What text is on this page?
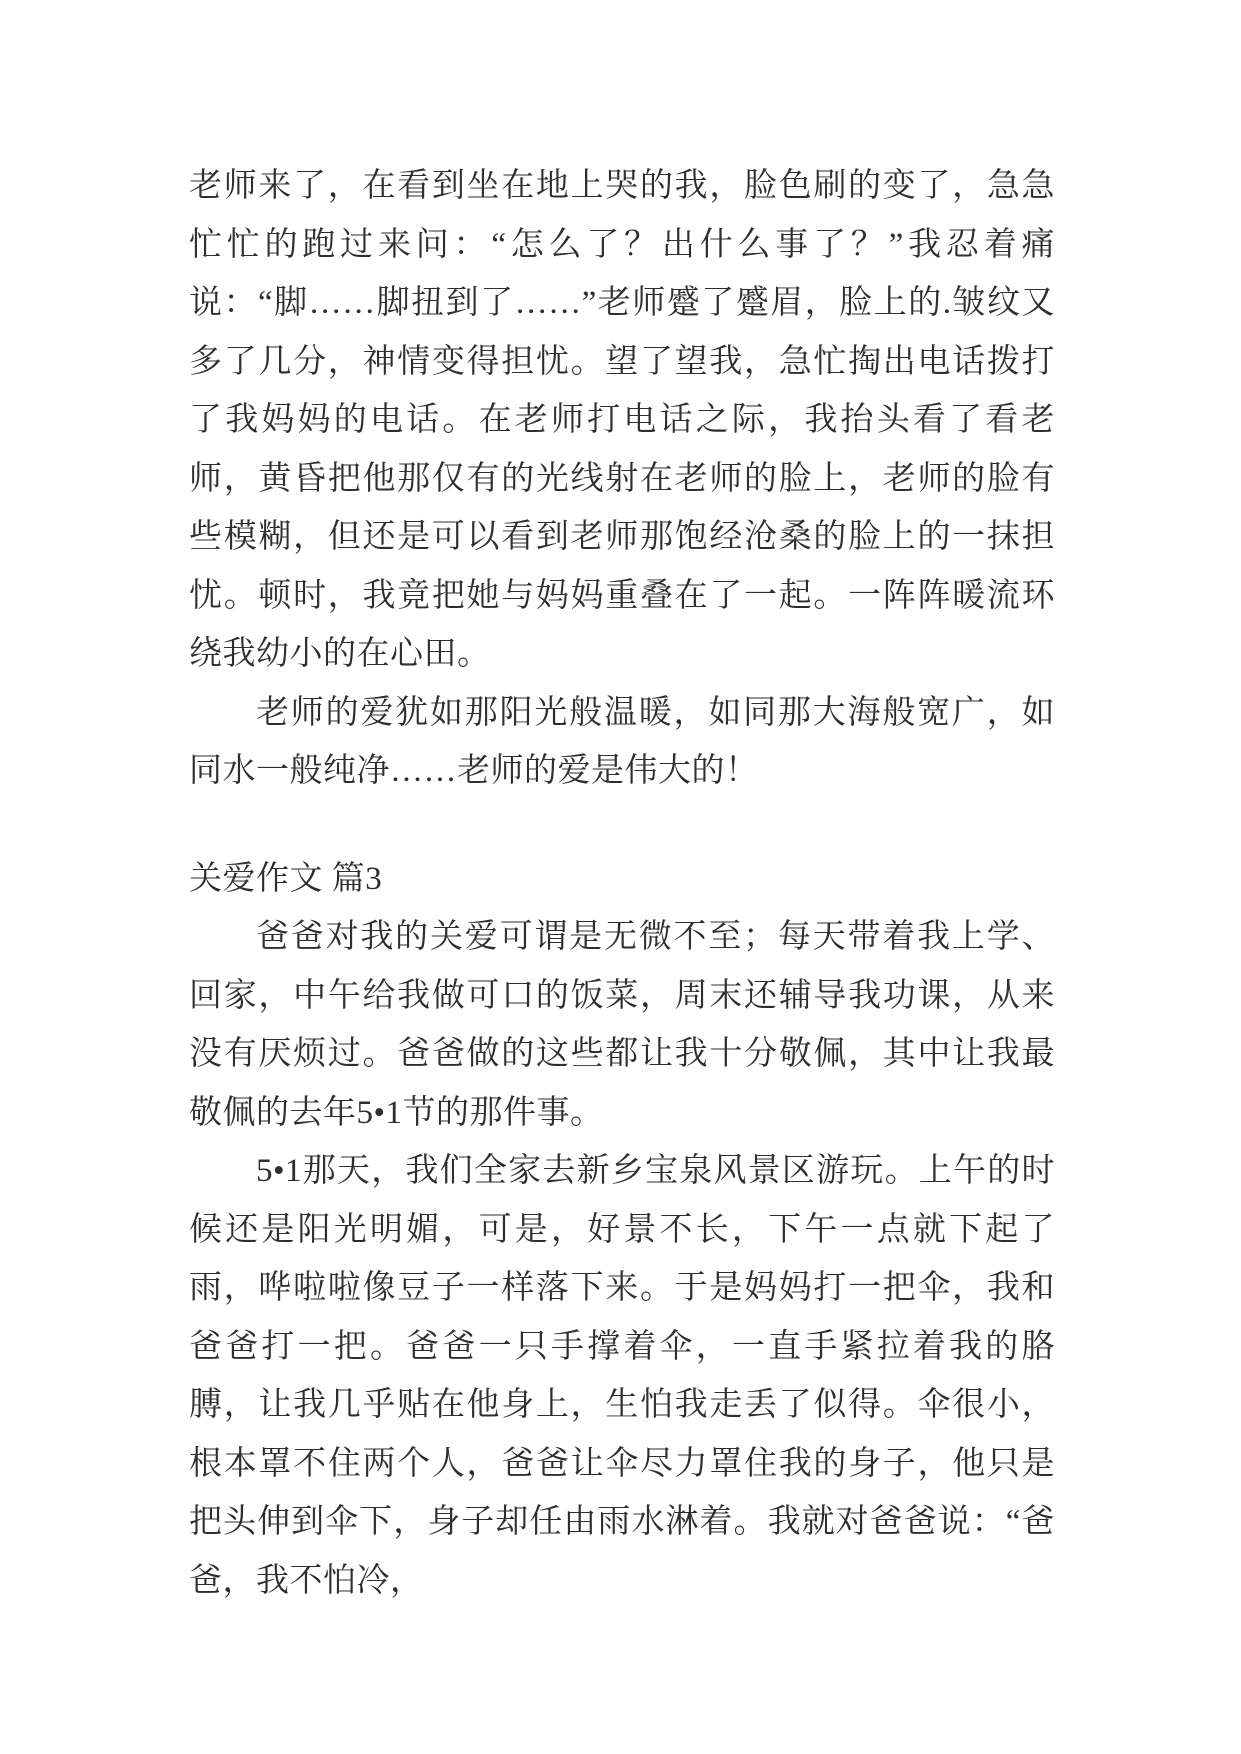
老师来了，在看到坐在地上哭的我，脸色刷的变了，急急忙忙的跑过来问：“怎么了？出什么事了？”我忍着痛说：“脚……脚扭到了……”老师蹙了蹙眉，脸上的.皱纹又多了几分，神情变得担忧。望了望我，急忙掏出电话拨打了我妈妈的电话。在老师打电话之际，我抬头看了看老师，黄昏把他那仅有的光线射在老师的脸上，老师的脸有些模糊，但还是可以看到老师那饱经沧桑的脸上的一抹担忧。顿时，我竟把她与妈妈重叠在了一起。一阵阵暖流环绕我幼小的在心田。

老师的爱犹如那阳光般温暖，如同那大海般宽广，如同水一般纯净……老师的爱是伟大的！

关爱作文 篇3

爸爸对我的关爱可谓是无微不至；每天带着我上学、回家，中午给我做可口的饭菜，周末还辅导我功课，从来没有厌烦过。爸爸做的这些都让我十分敬佩，其中让我最敬佩的去年5•1节的那件事。

5•1那天，我们全家去新乡宝泉风景区游玩。上午的时候还是阳光明媚，可是，好景不长，下午一点就下起了雨，哗啦啦像豆子一样落下来。于是妈妈打一把伞，我和爸爸打一把。爸爸一只手撑着伞，一直手紧拉着我的胳膊，让我几乎贴在他身上，生怕我走丢了似得。伞很小，根本罩不住两个人，爸爸让伞尽力罩住我的身子，他只是把头伸到伞下，身子却任由雨水淋着。我就对爸爸说：“爸爸，我不怕冷，
